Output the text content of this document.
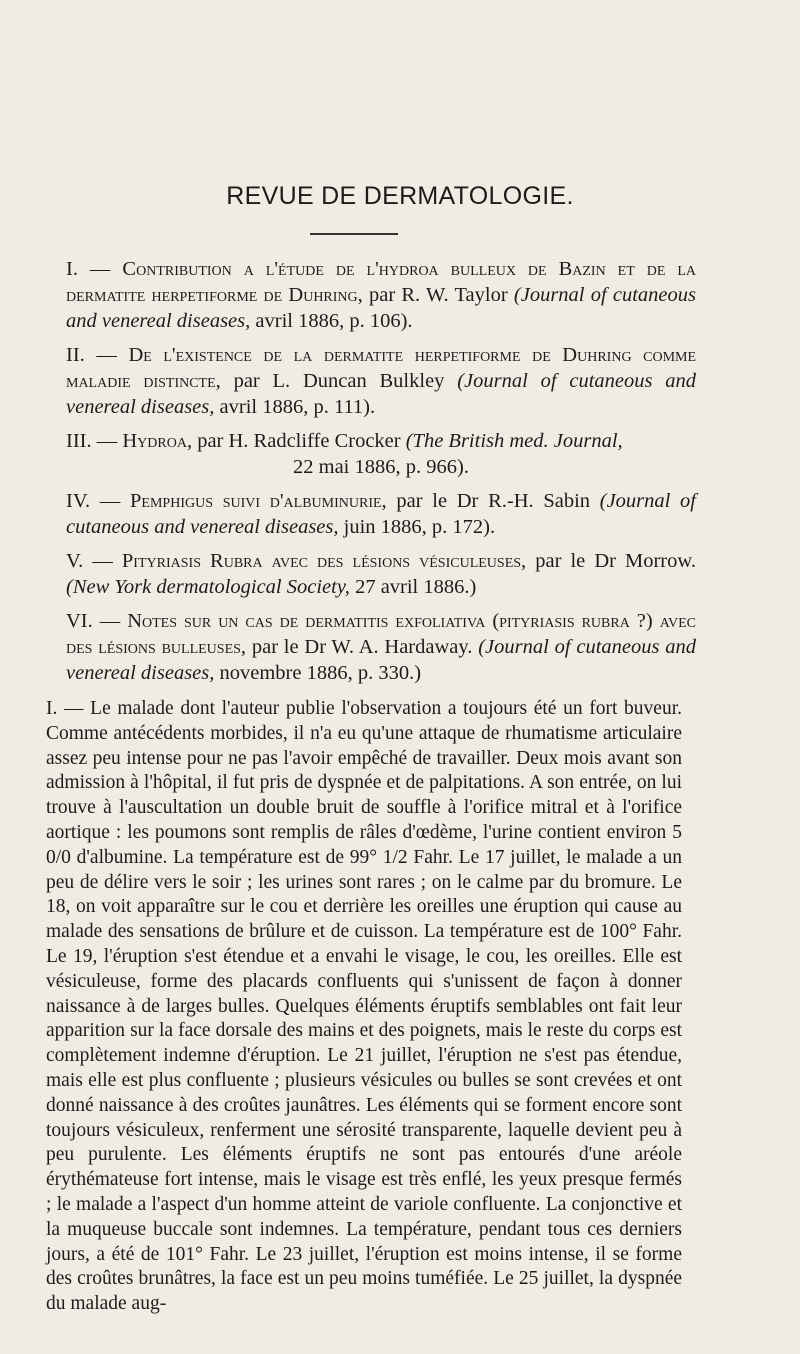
REVUE DE DERMATOLOGIE.
I. — Contribution a l'étude de l'hydroa bulleux de Bazin et de la dermatite herpetiforme de Duhring, par R. W. Taylor (Journal of cutaneous and venereal diseases, avril 1886, p. 106).
II. — De l'existence de la dermatite herpetiforme de Duhring comme maladie distincte, par L. Duncan Bulkley (Journal of cutaneous and venereal diseases, avril 1886, p. 111).
III. — Hydroa, par H. Radcliffe Crocker (The British med. Journal,
22 mai 1886, p. 966).
IV. — Pemphigus suivi d'albuminurie, par le Dr R.-H. Sabin (Journal of cutaneous and venereal diseases, juin 1886, p. 172).
V. — Pityriasis Rubra avec des lésions vésiculeuses, par le Dr Morrow. (New York dermatological Society, 27 avril 1886.)
VI. — Notes sur un cas de dermatitis exfoliativa (pityriasis rubra ?) avec des lésions bulleuses, par le Dr W. A. Hardaway. (Journal of cutaneous and venereal diseases, novembre 1886, p. 330.)

I. — Le malade dont l'auteur publie l'observation a toujours été un fort buveur. Comme antécédents morbides, il n'a eu qu'une attaque de rhumatisme articulaire assez peu intense pour ne pas l'avoir empêché de travailler. Deux mois avant son admission à l'hôpital, il fut pris de dyspnée et de palpitations. A son entrée, on lui trouve à l'auscultation un double bruit de souffle à l'orifice mitral et à l'orifice aortique : les poumons sont remplis de râles d'œdème, l'urine contient environ 5 0/0 d'albumine. La température est de 99° 1/2 Fahr. Le 17 juillet, le malade a un peu de délire vers le soir ; les urines sont rares ; on le calme par du bromure. Le 18, on voit apparaître sur le cou et derrière les oreilles une éruption qui cause au malade des sensations de brûlure et de cuisson. La température est de 100° Fahr. Le 19, l'éruption s'est étendue et a envahi le visage, le cou, les oreilles. Elle est vésiculeuse, forme des placards confluents qui s'unissent de façon à donner naissance à de larges bulles. Quelques éléments éruptifs semblables ont fait leur apparition sur la face dorsale des mains et des poignets, mais le reste du corps est complètement indemne d'éruption. Le 21 juillet, l'éruption ne s'est pas étendue, mais elle est plus confluente ; plusieurs vésicules ou bulles se sont crevées et ont donné naissance à des croûtes jaunâtres. Les éléments qui se forment encore sont toujours vésiculeux, renferment une sérosité transparente, laquelle devient peu à peu purulente. Les éléments éruptifs ne sont pas entourés d'une aréole érythémateuse fort intense, mais le visage est très enflé, les yeux presque fermés ; le malade a l'aspect d'un homme atteint de variole confluente. La conjonctive et la muqueuse buccale sont indemnes. La température, pendant tous ces derniers jours, a été de 101° Fahr. Le 23 juillet, l'éruption est moins intense, il se forme des croûtes brunâtres, la face est un peu moins tuméfiée. Le 25 juillet, la dyspnée du malade aug-
